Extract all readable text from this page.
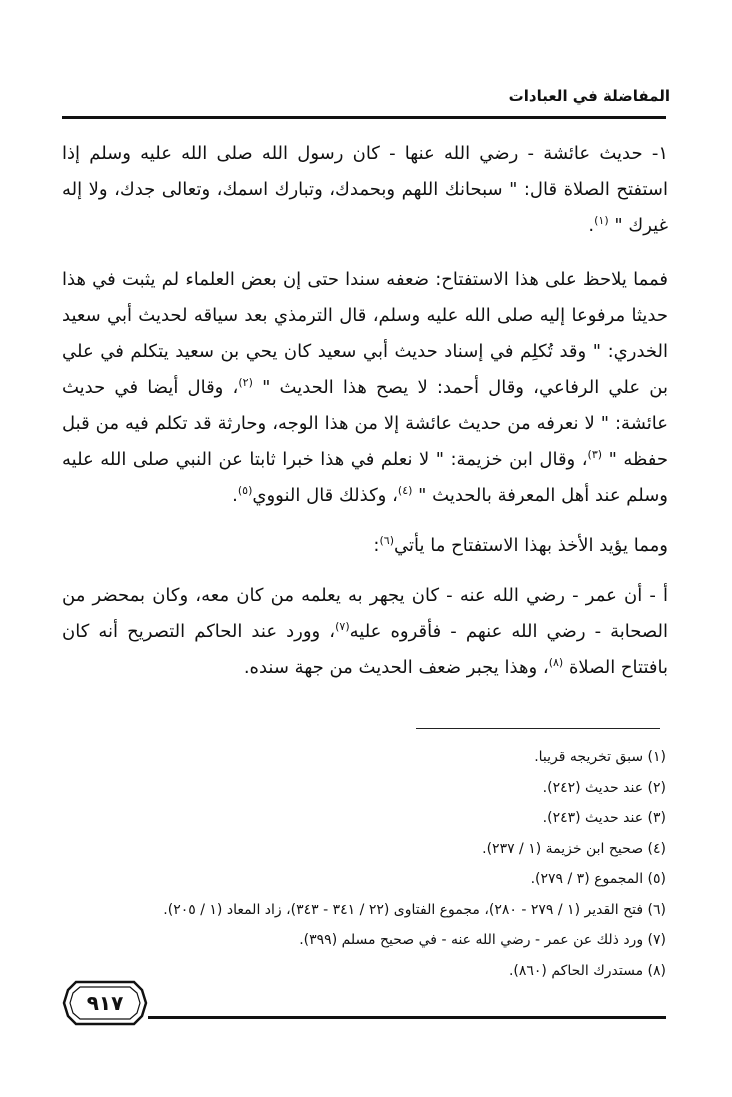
المفاضلة في العبادات

١- حديث عائشة - رضي الله عنها - كان رسول الله صلى الله عليه وسلم إذا استفتح الصلاة قال: " سبحانك اللهم وبحمدك، وتبارك اسمك، وتعالى جدك، ولا إله غيرك " $^{(١)}$.

فمما يلاحظ على هذا الاستفتاح: ضعفه سندا حتى إن بعض العلماء لم يثبت في هذا حديثا مرفوعا إليه صلى الله عليه وسلم، قال الترمذي بعد سياقه لحديث أبي سعيد الخدري: " وقد تُكلِم في إسناد حديث أبي سعيد كان يحي بن سعيد يتكلم في علي بن علي الرفاعي، وقال أحمد: لا يصح هذا الحديث " $^{(٢)}$، وقال أيضا في حديث عائشة: " لا نعرفه من حديث عائشة إلا من هذا الوجه، وحارثة قد تكلم فيه من قبل حفظه " $^{(٣)}$، وقال ابن خزيمة: " لا نعلم في هذا خبرا ثابتا عن النبي صلى الله عليه وسلم عند أهل المعرفة بالحديث " $^{(٤)}$، وكذلك قال النووي$^{(٥)}$.

ومما يؤيد الأخذ بهذا الاستفتاح ما يأتي$^{(٦)}$:

أ - أن عمر - رضي الله عنه - كان يجهر به يعلمه من كان معه، وكان بمحضر من الصحابة - رضي الله عنهم - فأقروه عليه$^{(٧)}$، وورد عند الحاكم التصريح أنه كان بافتتاح الصلاة $^{(٨)}$، وهذا يجبر ضعف الحديث من جهة سنده.

(١) سبق تخريجه قريبا.
(٢) عند حديث (٢٤٢).
(٣) عند حديث (٢٤٣).
(٤) صحيح ابن خزيمة (١ / ٢٣٧).
(٥) المجموع (٣ / ٢٧٩).
(٦) فتح القدير (١ / ٢٧٩ - ٢٨٠)، مجموع الفتاوى (٢٢ / ٣٤١ - ٣٤٣)، زاد المعاد (١ / ٢٠٥).
(٧) ورد ذلك عن عمر - رضي الله عنه - في صحيح مسلم (٣٩٩).
(٨) مستدرك الحاكم (٨٦٠).
٩١٧
